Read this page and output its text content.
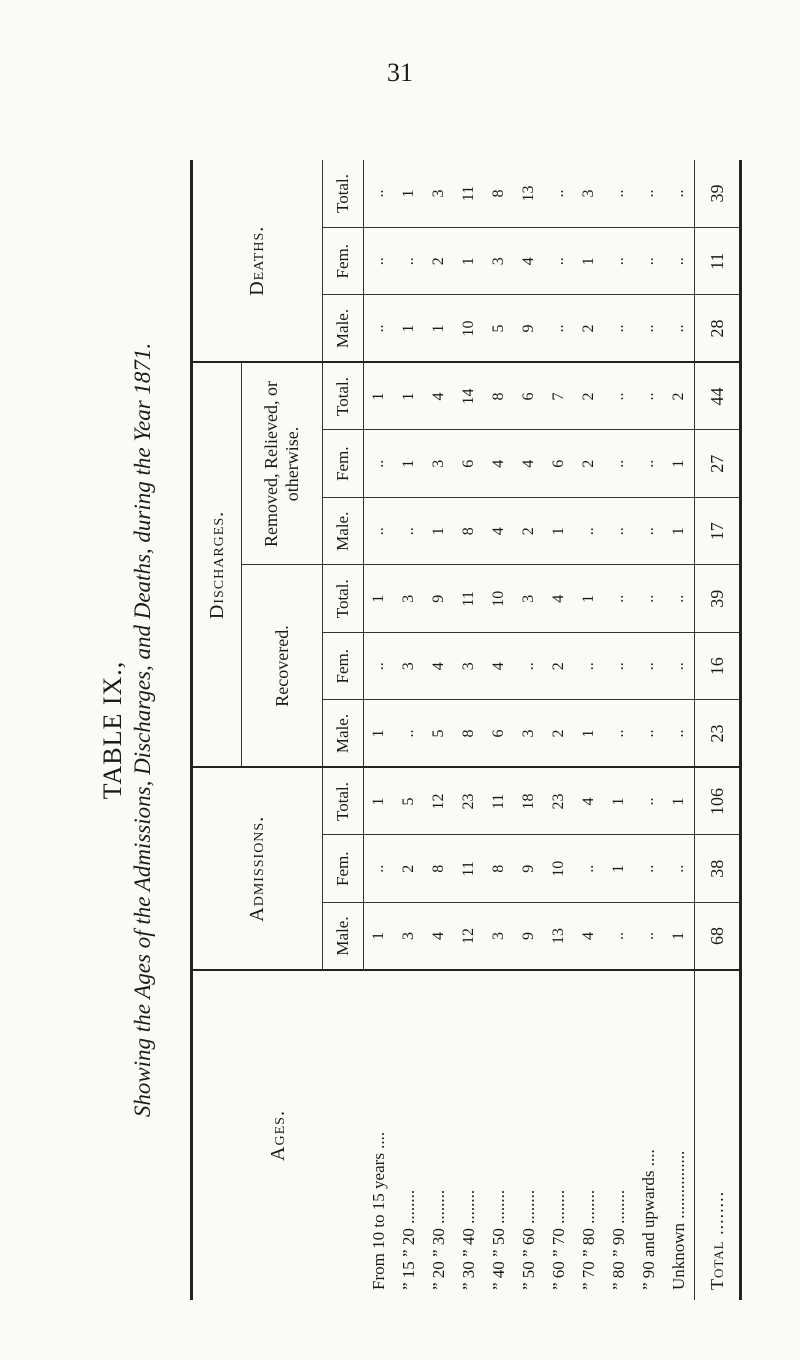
31
TABLE IX., Showing the Ages of the Admissions, Discharges, and Deaths, during the Year 1871.
Ages.	Admissions.			Discharges.						Deaths.		
				Recovered.			Removed, Relieved, or otherwise.					
	Male.	Fem.	Total.	Male.	Fem.	Total.	Male.	Fem.	Total.	Male.	Fem.	Total.
From 10 to 15 years ....	1	..	1	1	..	1	..	..	1	..	..	..
” 15 ” 20 ........	3	2	5	..	3	3	..	1	1	1	..	1
” 20 ” 30 ........	4	8	12	5	4	9	1	3	4	1	2	3
” 30 ” 40 ........	12	11	23	8	3	11	8	6	14	10	1	11
” 40 ” 50 ........	3	8	11	6	4	10	4	4	8	5	3	8
” 50 ” 60 ........	9	9	18	3	..	3	2	4	6	9	4	13
” 60 ” 70 ........	13	10	23	2	2	4	1	6	7	..	..	..
” 70 ” 80 ........	4	..	4	1	..	1	..	2	2	2	1	3
” 80 ” 90 ........	..	1	1	..	..	..	..	..	..	..	..	..
” 90 and upwards ....	..	..	..	..	..	..	..	..	..	..	..	..
Unknown ................	1	..	1	..	..	..	1	1	2	..	..	..
Total ........	68	38	106	23	16	39	17	27	44	28	11	39
